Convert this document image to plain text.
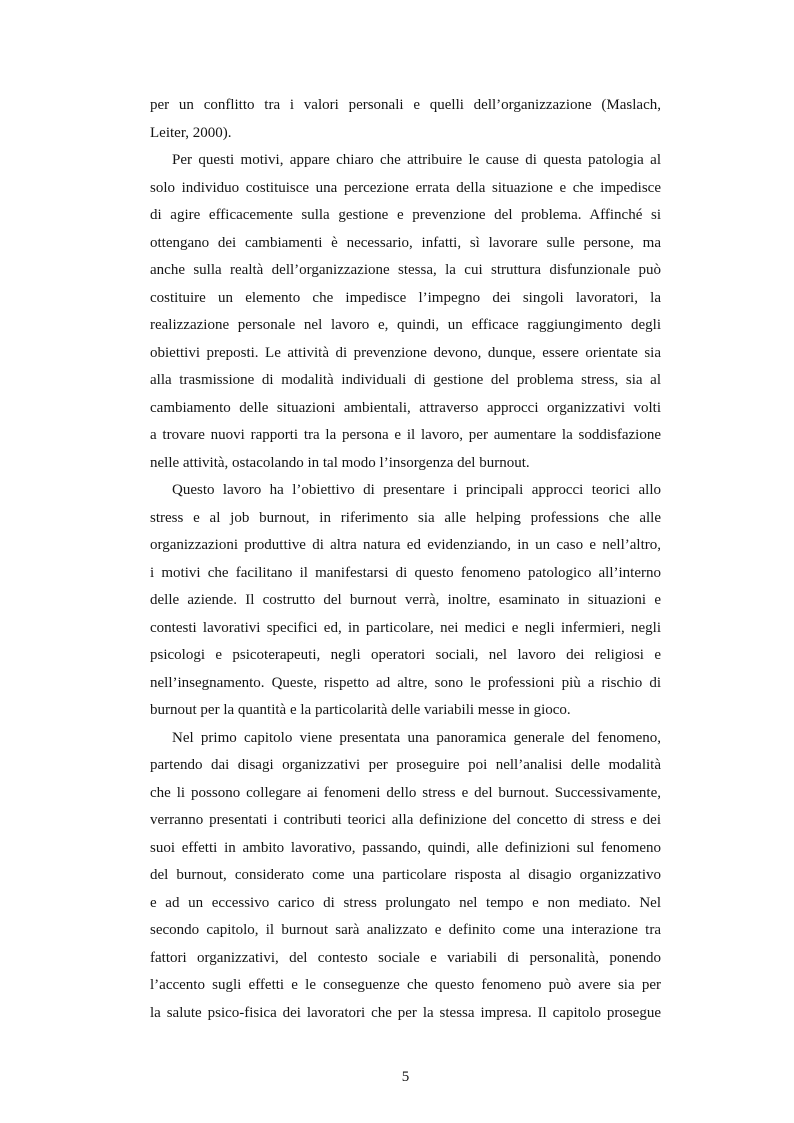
per un conflitto tra i valori personali e quelli dell’organizzazione (Maslach,
Leiter, 2000).
Per questi motivi, appare chiaro che attribuire le cause di questa patologia al
solo individuo costituisce una percezione errata della situazione e che impedisce
di agire efficacemente sulla gestione e prevenzione del problema. Affinché si
ottengano dei cambiamenti è necessario, infatti, sì lavorare sulle persone, ma
anche sulla realtà dell’organizzazione stessa, la cui struttura disfunzionale può
costituire un elemento che impedisce l’impegno dei singoli lavoratori, la
realizzazione personale nel lavoro e, quindi, un efficace raggiungimento degli
obiettivi preposti. Le attività di prevenzione devono, dunque, essere orientate sia
alla trasmissione di modalità individuali di gestione del problema stress, sia al
cambiamento delle situazioni ambientali, attraverso approcci organizzativi volti
a trovare nuovi rapporti tra la persona e il lavoro, per aumentare la soddisfazione
nelle attività, ostacolando in tal modo l’insorgenza del burnout.
Questo lavoro ha l’obiettivo di presentare i principali approcci teorici allo
stress e al job burnout, in riferimento sia alle helping professions che alle
organizzazioni produttive di altra natura ed evidenziando, in un caso e nell’altro,
i motivi che facilitano il manifestarsi di questo fenomeno patologico all’interno
delle aziende. Il costrutto del burnout verrà, inoltre, esaminato in situazioni e
contesti lavorativi specifici ed, in particolare, nei medici e negli infermieri, negli
psicologi e psicoterapeuti, negli operatori sociali, nel lavoro dei religiosi e
nell’insegnamento. Queste, rispetto ad altre, sono le professioni più a rischio di
burnout per la quantità e la particolarità delle variabili messe in gioco.
Nel primo capitolo viene presentata una panoramica generale del fenomeno,
partendo dai disagi organizzativi per proseguire poi nell’analisi delle modalità
che li possono collegare ai fenomeni dello stress e del burnout. Successivamente,
verranno presentati i contributi teorici alla definizione del concetto di stress e dei
suoi effetti in ambito lavorativo, passando, quindi, alle definizioni sul fenomeno
del burnout, considerato come una particolare risposta al disagio organizzativo
e ad un eccessivo carico di stress prolungato nel tempo e non mediato. Nel
secondo capitolo, il burnout sarà analizzato e definito come una interazione tra
fattori organizzativi, del contesto sociale e variabili di personalità, ponendo
l’accento sugli effetti e le conseguenze che questo fenomeno può avere sia per
la salute psico-fisica dei lavoratori che per la stessa impresa. Il capitolo prosegue
5
